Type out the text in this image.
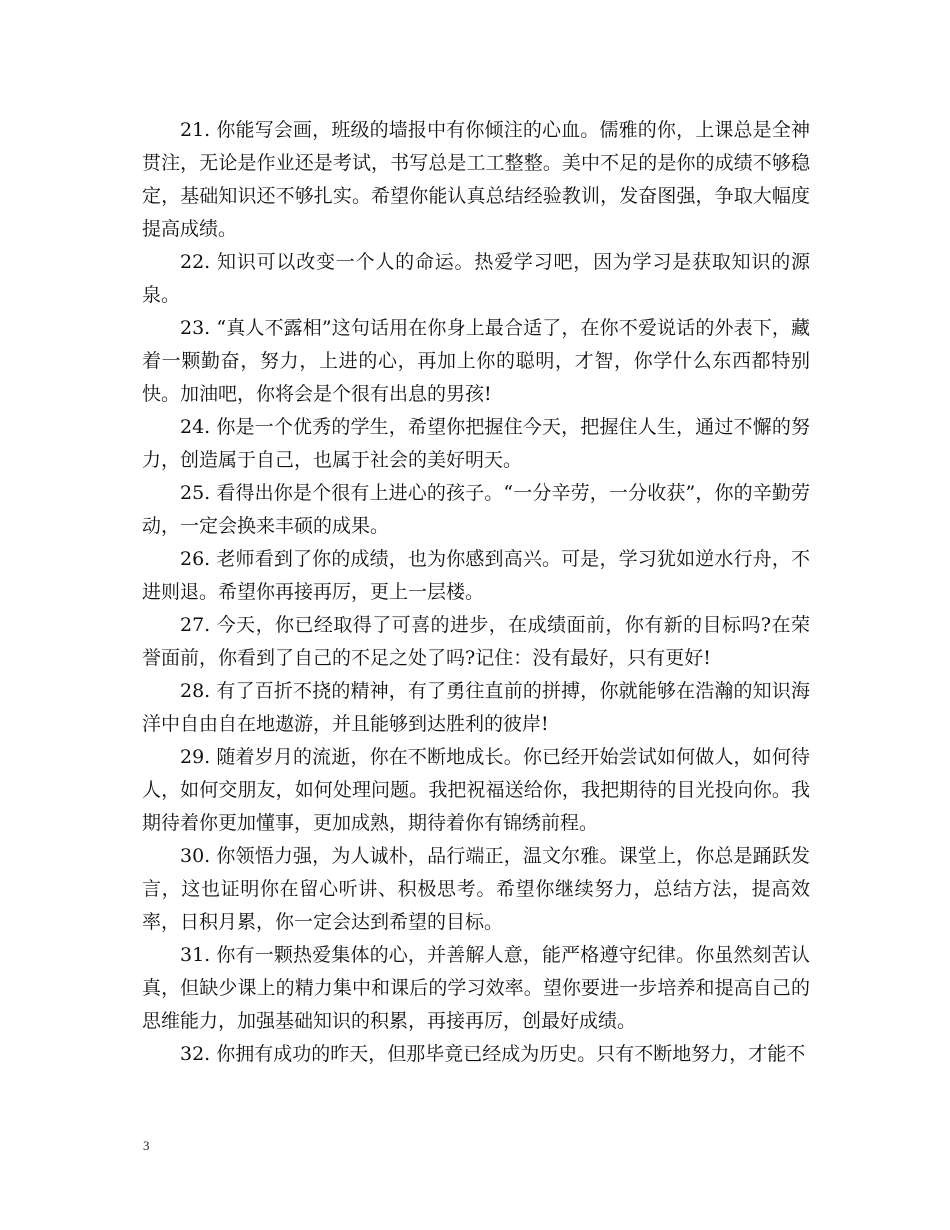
21. 你能写会画，班级的墙报中有你倾注的心血。儒雅的你，上课总是全神贯注，无论是作业还是考试，书写总是工工整整。美中不足的是你的成绩不够稳定，基础知识还不够扎实。希望你能认真总结经验教训，发奋图强，争取大幅度提高成绩。

22. 知识可以改变一个人的命运。热爱学习吧，因为学习是获取知识的源泉。

23. “真人不露相”这句话用在你身上最合适了，在你不爱说话的外表下，藏着一颗勤奋，努力，上进的心，再加上你的聪明，才智，你学什么东西都特别快。加油吧，你将会是个很有出息的男孩!

24. 你是一个优秀的学生，希望你把握住今天，把握住人生，通过不懈的努力，创造属于自己，也属于社会的美好明天。

25. 看得出你是个很有上进心的孩子。“一分辛劳，一分收获”，你的辛勤劳动，一定会换来丰硕的成果。

26. 老师看到了你的成绩，也为你感到高兴。可是，学习犹如逆水行舟，不进则退。希望你再接再厉，更上一层楼。

27. 今天，你已经取得了可喜的进步，在成绩面前，你有新的目标吗?在荣誉面前，你看到了自己的不足之处了吗?记住：没有最好，只有更好!

28. 有了百折不挠的精神，有了勇往直前的拼搏，你就能够在浩瀚的知识海洋中自由自在地遨游，并且能够到达胜利的彼岸!

29. 随着岁月的流逝，你在不断地成长。你已经开始尝试如何做人，如何待人，如何交朋友，如何处理问题。我把祝福送给你，我把期待的目光投向你。我期待着你更加懂事，更加成熟，期待着你有锦绣前程。

30. 你领悟力强，为人诚朴，品行端正，温文尔雅。课堂上，你总是踊跃发言，这也证明你在留心听讲、积极思考。希望你继续努力，总结方法，提高效率，日积月累，你一定会达到希望的目标。

31. 你有一颗热爱集体的心，并善解人意，能严格遵守纪律。你虽然刻苦认真，但缺少课上的精力集中和课后的学习效率。望你要进一步培养和提高自己的思维能力，加强基础知识的积累，再接再厉，创最好成绩。

32. 你拥有成功的昨天，但那毕竟已经成为历史。只有不断地努力，才能不

3
